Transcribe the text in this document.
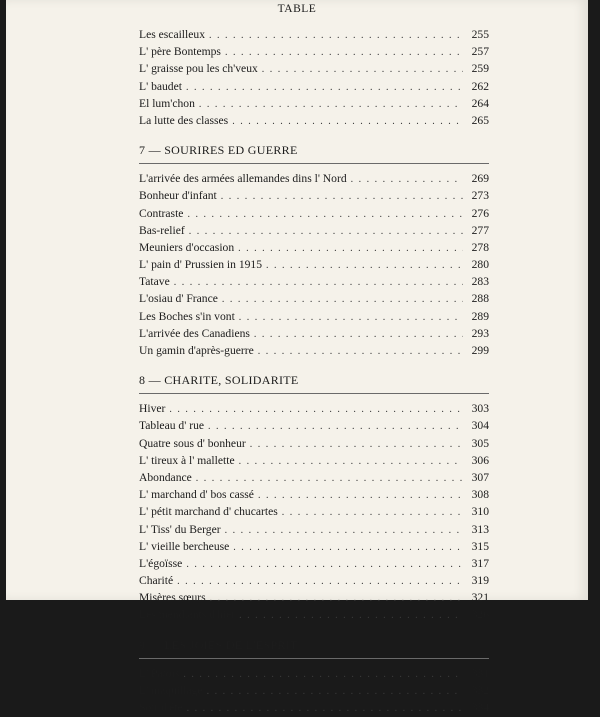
TABLE
Les escailleux . . .	255
L' père Bontemps . . .	257
L' graisse pou les ch'veux . . .	259
L' baudet . . .	262
El lum'chon . . .	264
La lutte des classes . . .	265
7 — SOURIRES ED GUERRE
L'arrivée des armées allemandes dins l' Nord . . .	269
Bonheur d'infant . . .	273
Contraste . . .	276
Bas-relief . . .	277
Meuniers d'occasion . . .	278
L' pain d' Prussien in 1915 . . .	280
Tatave . . .	283
L'osiau d' France . . .	288
Les Boches s'in vont . . .	289
L'arrivée des Canadiens . . .	293
Un gamin d'après-guerre . . .	299
8 — CHARITE, SOLIDARITE
Hiver . . .	303
Tableau d' rue . . .	304
Quatre sous d' bonheur . . .	305
L' tireux à l' mallette . . .	306
Abondance . . .	307
L' marchand d' bos cassé . . .	308
L' pétit marchand d' chucartes . . .	310
L' Tiss' du Berger . . .	313
L' vieille bercheuse . . .	315
L'égoïsse . . .	317
Charité . . .	319
Misères sœurs . . .	321
Les mendiants d'hier . . .	326
9 — LES JOIES DE L'ESPRIT
L' Patois . . .	331
L' maquillage . . .	332
Soir d'été . . .	334
